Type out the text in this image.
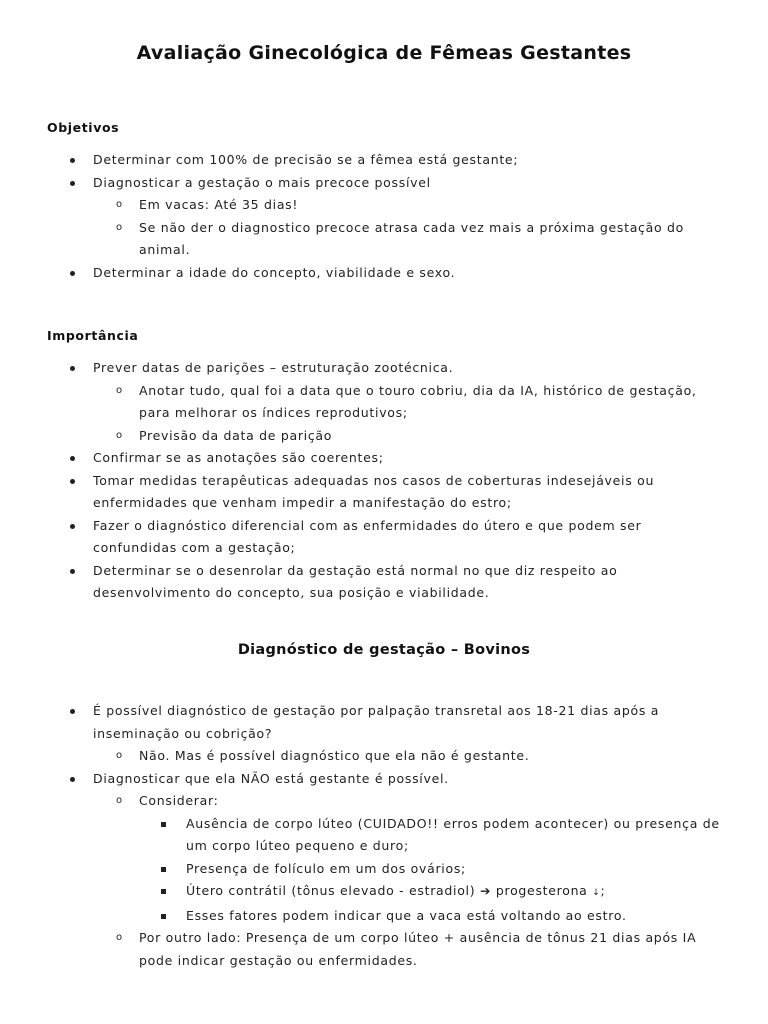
Avaliação Ginecológica de Fêmeas Gestantes
Objetivos
Determinar com 100% de precisão se a fêmea está gestante;
Diagnosticar a gestação o mais precoce possível
o Em vacas: Até 35 dias!
o Se não der o diagnostico precoce atrasa cada vez mais a próxima gestação do animal.
Determinar a idade do concepto, viabilidade e sexo.
Importância
Prever datas de parições – estruturação zootécnica.
o Anotar tudo, qual foi a data que o touro cobriu, dia da IA, histórico de gestação, para melhorar os índices reprodutivos;
o Previsão da data de parição
Confirmar se as anotações são coerentes;
Tomar medidas terapêuticas adequadas nos casos de coberturas indesejáveis ou enfermidades que venham impedir a manifestação do estro;
Fazer o diagnóstico diferencial com as enfermidades do útero e que podem ser confundidas com a gestação;
Determinar se o desenrolar da gestação está normal no que diz respeito ao desenvolvimento do concepto, sua posição e viabilidade.
Diagnóstico de gestação – Bovinos
É possível diagnóstico de gestação por palpação transretal aos 18-21 dias após a inseminação ou cobrição?
o Não. Mas é possível diagnóstico que ela não é gestante.
Diagnosticar que ela NÃO está gestante é possível.
o Considerar:
Ausência de corpo lúteo (CUIDADO!! erros podem acontecer) ou presença de um corpo lúteo pequeno e duro;
Presença de folículo em um dos ovários;
Útero contrátil (tônus elevado - estradiol) ➔ progesterona ↓;
Esses fatores podem indicar que a vaca está voltando ao estro.
o Por outro lado: Presença de um corpo lúteo + ausência de tônus 21 dias após IA pode indicar gestação ou enfermidades.
